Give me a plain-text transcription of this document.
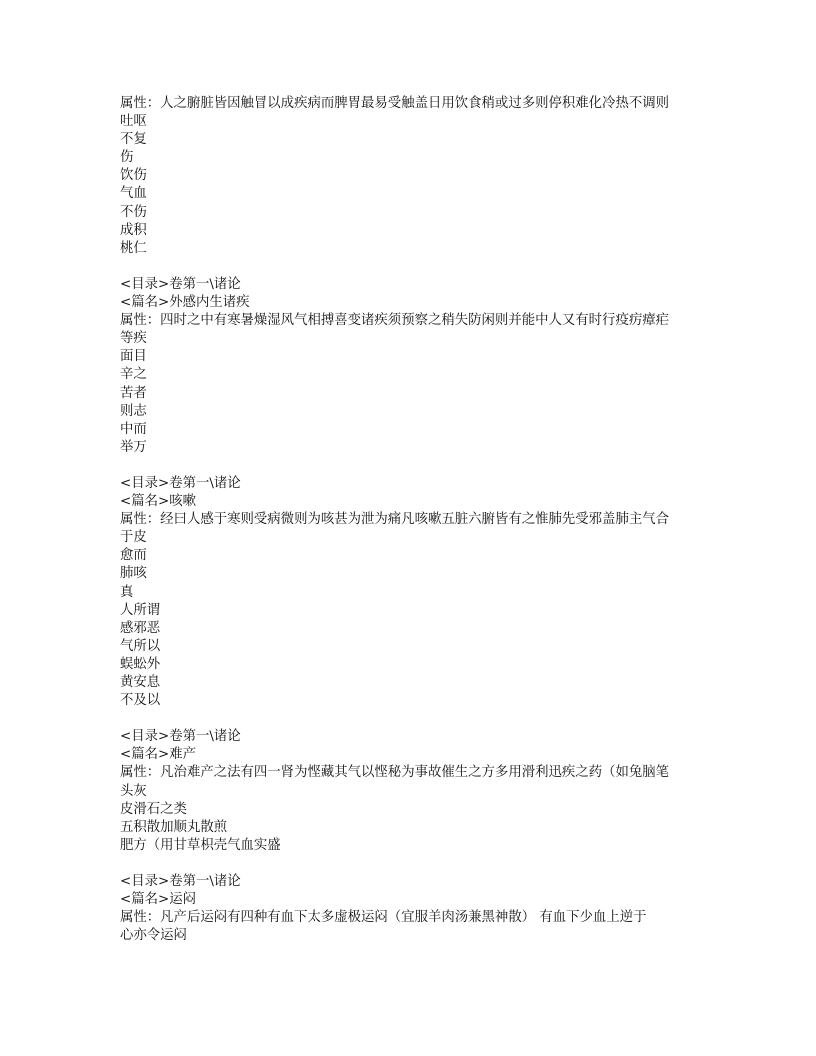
属性：人之腑脏皆因触冒以成疾病而脾胃最易受触盖日用饮食稍或过多则停积难化冷热不调则
吐呕
不复
伤
饮伤
气血
不伤
成积
桃仁
<目录>卷第一\诸论
<篇名>外感内生诸疾
属性：四时之中有寒暑燥湿风气相搏喜变诸疾须预察之稍失防闲则并能中人又有时行疫疠瘴疟
等疾
面目
辛之
苦者
则志
中而
举万
<目录>卷第一\诸论
<篇名>咳嗽
属性：经曰人感于寒则受病微则为咳甚为泄为痛凡咳嗽五脏六腑皆有之惟肺先受邪盖肺主气合
于皮
愈而
肺咳
真
人所谓
感邪恶
气所以
蜈蚣外
黄安息
不及以
<目录>卷第一\诸论
<篇名>难产
属性：凡治难产之法有四一肾为悭藏其气以悭秘为事故催生之方多用滑利迅疾之药（如兔脑笔
头灰
皮滑石之类
五积散加顺丸散煎
肥方（用甘草枳壳气血实盛
<目录>卷第一\诸论
<篇名>运闷
属性：凡产后运闷有四种有血下太多虚极运闷（宜服羊肉汤兼黑神散） 有血下少血上逆于
心亦令运闷
